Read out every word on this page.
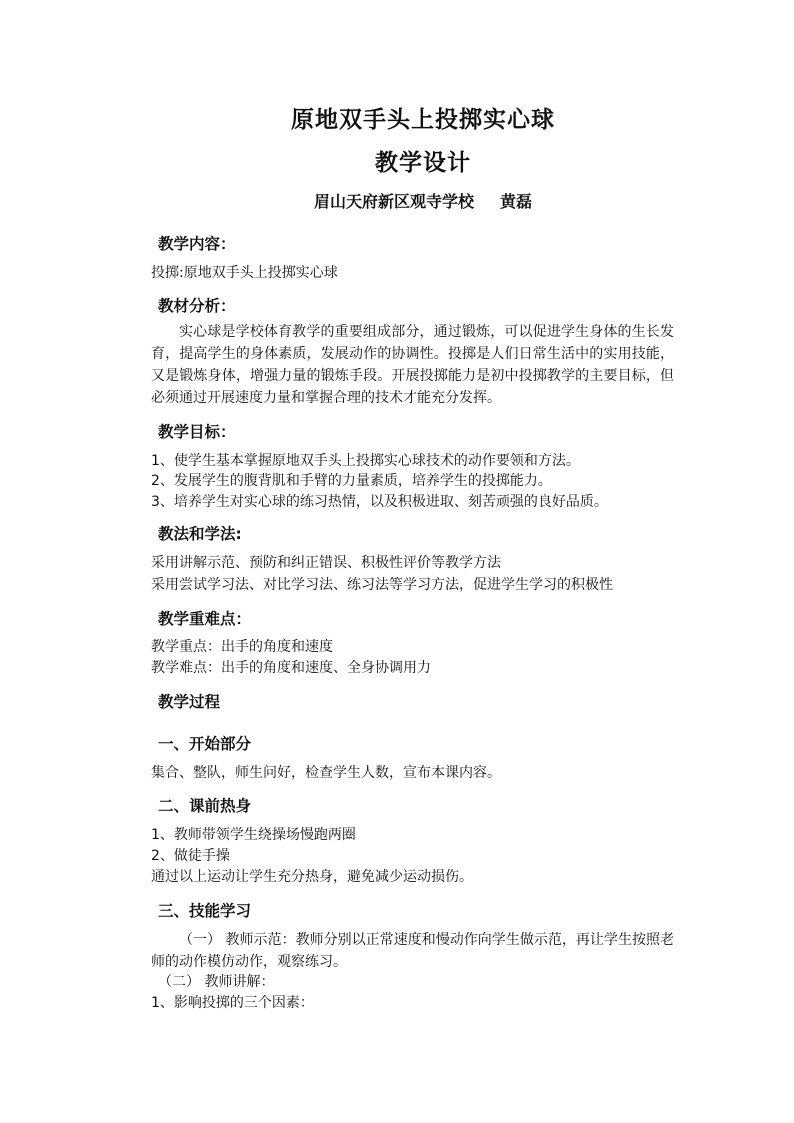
原地双手头上投掷实心球
教学设计
眉山天府新区观寺学校 黄磊
教学内容：
投掷:原地双手头上投掷实心球
教材分析：
实心球是学校体育教学的重要组成部分，通过锻炼，可以促进学生身体的生长发育，提高学生的身体素质，发展动作的协调性。投掷是人们日常生活中的实用技能，又是锻炼身体，增强力量的锻炼手段。开展投掷能力是初中投掷教学的主要目标，但必须通过开展速度力量和掌握合理的技术才能充分发挥。
教学目标：
1、使学生基本掌握原地双手头上投掷实心球技术的动作要领和方法。
2、发展学生的腹背肌和手臂的力量素质，培养学生的投掷能力。
3、培养学生对实心球的练习热情，以及积极进取、刻苦顽强的良好品质。
教法和学法:
采用讲解示范、预防和纠正错误、积极性评价等教学方法
采用尝试学习法、对比学习法、练习法等学习方法，促进学生学习的积极性
教学重难点：
教学重点：出手的角度和速度
教学难点：出手的角度和速度、全身协调用力
教学过程
一、开始部分
集合、整队，师生问好，检查学生人数，宣布本课内容。
二、课前热身
1、教师带领学生绕操场慢跑两圈
2、做徒手操
通过以上运动让学生充分热身，避免减少运动损伤。
三、技能学习
（一） 教师示范：教师分别以正常速度和慢动作向学生做示范，再让学生按照老师的动作模仿动作，观察练习。
（二） 教师讲解：
1、影响投掷的三个因素：
